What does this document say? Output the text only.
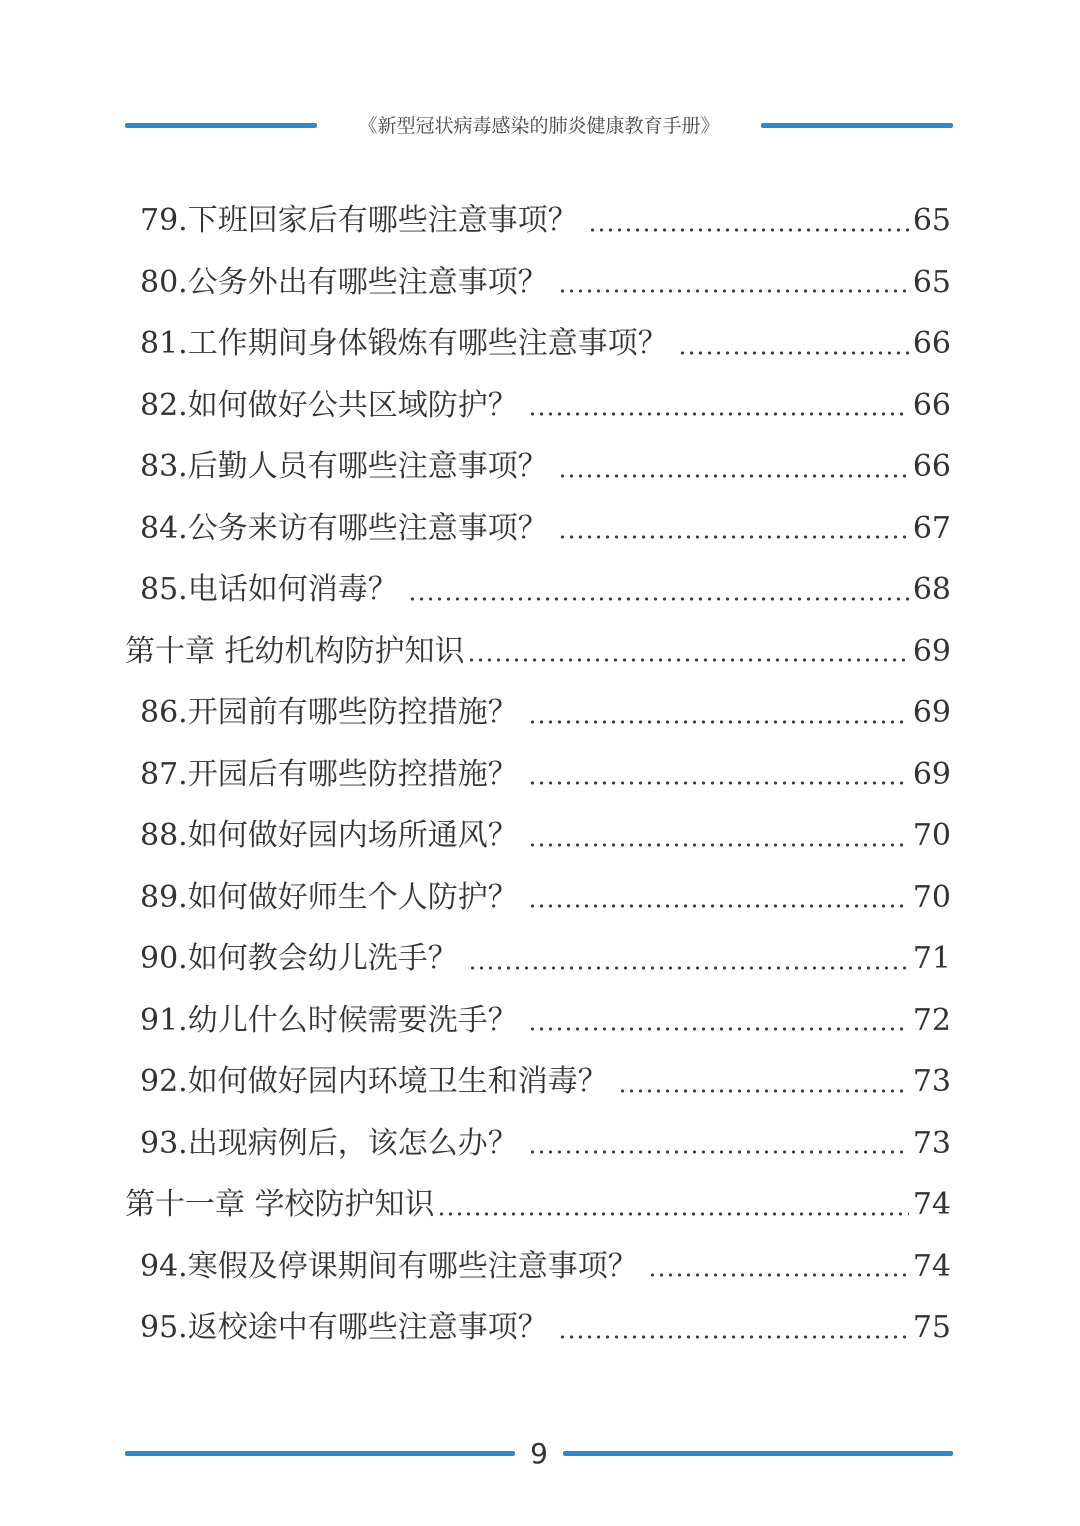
《新型冠状病毒感染的肺炎健康教育手册》
79.下班回家后有哪些注意事项？	65
80.公务外出有哪些注意事项？	65
81.工作期间身体锻炼有哪些注意事项？	66
82.如何做好公共区域防护？	66
83.后勤人员有哪些注意事项？	66
84.公务来访有哪些注意事项？	67
85.电话如何消毒？	68
第十章 托幼机构防护知识	69
86.开园前有哪些防控措施？	69
87.开园后有哪些防控措施？	69
88.如何做好园内场所通风？	70
89.如何做好师生个人防护？	70
90.如何教会幼儿洗手？	71
91.幼儿什么时候需要洗手？	72
92.如何做好园内环境卫生和消毒？	73
93.出现病例后，该怎么办？	73
第十一章 学校防护知识	74
94.寒假及停课期间有哪些注意事项？	74
95.返校途中有哪些注意事项？	75
9
